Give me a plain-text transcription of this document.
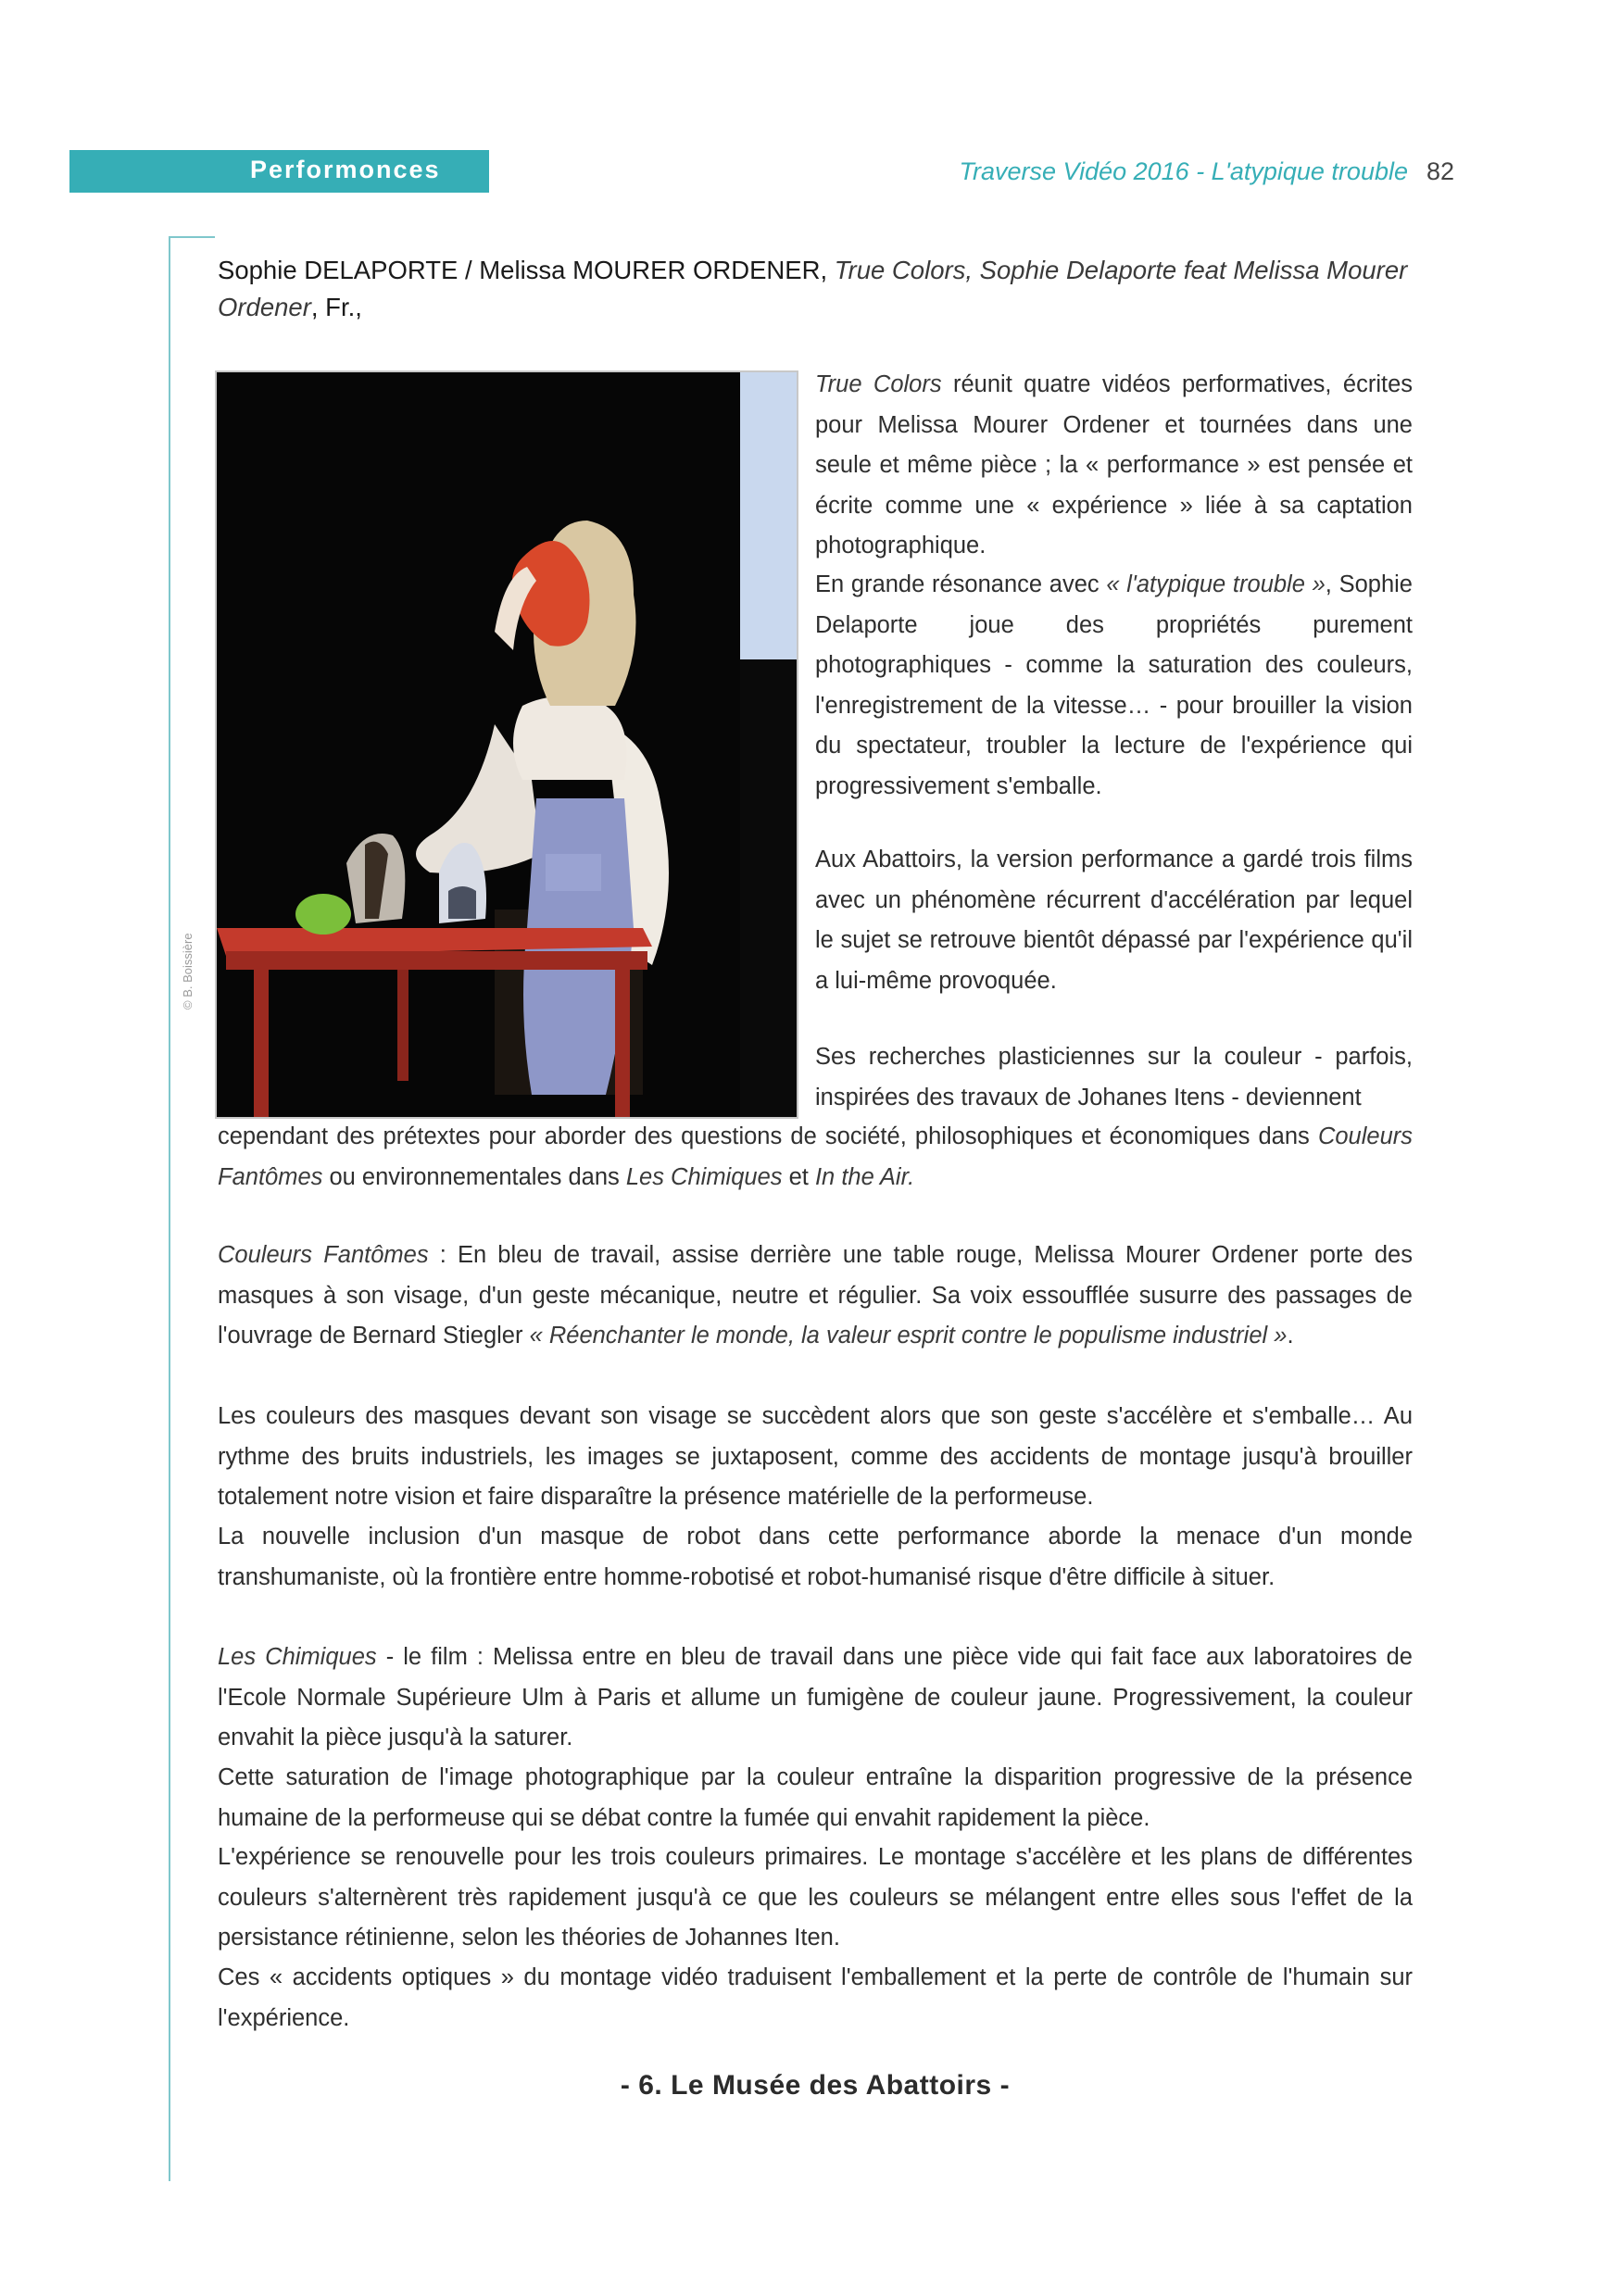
Performonces	Traverse Vidéo 2016 - L'atypique trouble 82
Sophie DELAPORTE / Melissa MOURER ORDENER, True Colors, Sophie Delaporte feat Melissa Mourer Ordener, Fr.,
© B. Boissière

True Colors réunit quatre vidéos performatives, écrites pour Melissa Mourer Ordener et tournées dans une seule et même pièce ; la « performance » est pensée et écrite comme une « expérience » liée à sa captation photographique.

En grande résonance avec « l'atypique trouble », Sophie Delaporte joue des propriétés purement photographiques - comme la saturation des couleurs, l'enregistrement de la vitesse… - pour brouiller la vision du spectateur, troubler la lecture de l'expérience qui progressivement s'emballe.

Aux Abattoirs, la version performance a gardé trois films avec un phénomène récurrent d'accélération par lequel le sujet se retrouve bientôt dépassé par l'expérience qu'il a lui-même provoquée.

Ses recherches plasticiennes sur la couleur - parfois, inspirées des travaux de Johanes Itens - deviennent

cependant des prétextes pour aborder des questions de société, philosophiques et économiques dans Couleurs Fantômes ou environnementales dans Les Chimiques et In the Air.

Couleurs Fantômes : En bleu de travail, assise derrière une table rouge, Melissa Mourer Ordener porte des masques à son visage, d'un geste mécanique, neutre et régulier. Sa voix essoufflée susurre des passages de l'ouvrage de Bernard Stiegler « Réenchanter le monde, la valeur esprit contre le populisme industriel ».

Les couleurs des masques devant son visage se succèdent alors que son geste s'accélère et s'emballe… Au rythme des bruits industriels, les images se juxtaposent, comme des accidents de montage jusqu'à brouiller totalement notre vision et faire disparaître la présence matérielle de la performeuse.

La nouvelle inclusion d'un masque de robot dans cette performance aborde la menace d'un monde transhumaniste, où la frontière entre homme-robotisé et robot-humanisé risque d'être difficile à situer.

Les Chimiques - le film : Melissa entre en bleu de travail dans une pièce vide qui fait face aux laboratoires de l'Ecole Normale Supérieure Ulm à Paris et allume un fumigène de couleur jaune. Progressivement, la couleur envahit la pièce jusqu'à la saturer.

Cette saturation de l'image photographique par la couleur entraîne la disparition progressive de la présence humaine de la performeuse qui se débat contre la fumée qui envahit rapidement la pièce.

L'expérience se renouvelle pour les trois couleurs primaires. Le montage s'accélère et les plans de différentes couleurs s'alternèrent très rapidement jusqu'à ce que les couleurs se mélangent entre elles sous l'effet de la persistance rétinienne, selon les théories de Johannes Iten.

Ces « accidents optiques » du montage vidéo traduisent l'emballement et la perte de contrôle de l'humain sur l'expérience.

- 6. Le Musée des Abattoirs -
